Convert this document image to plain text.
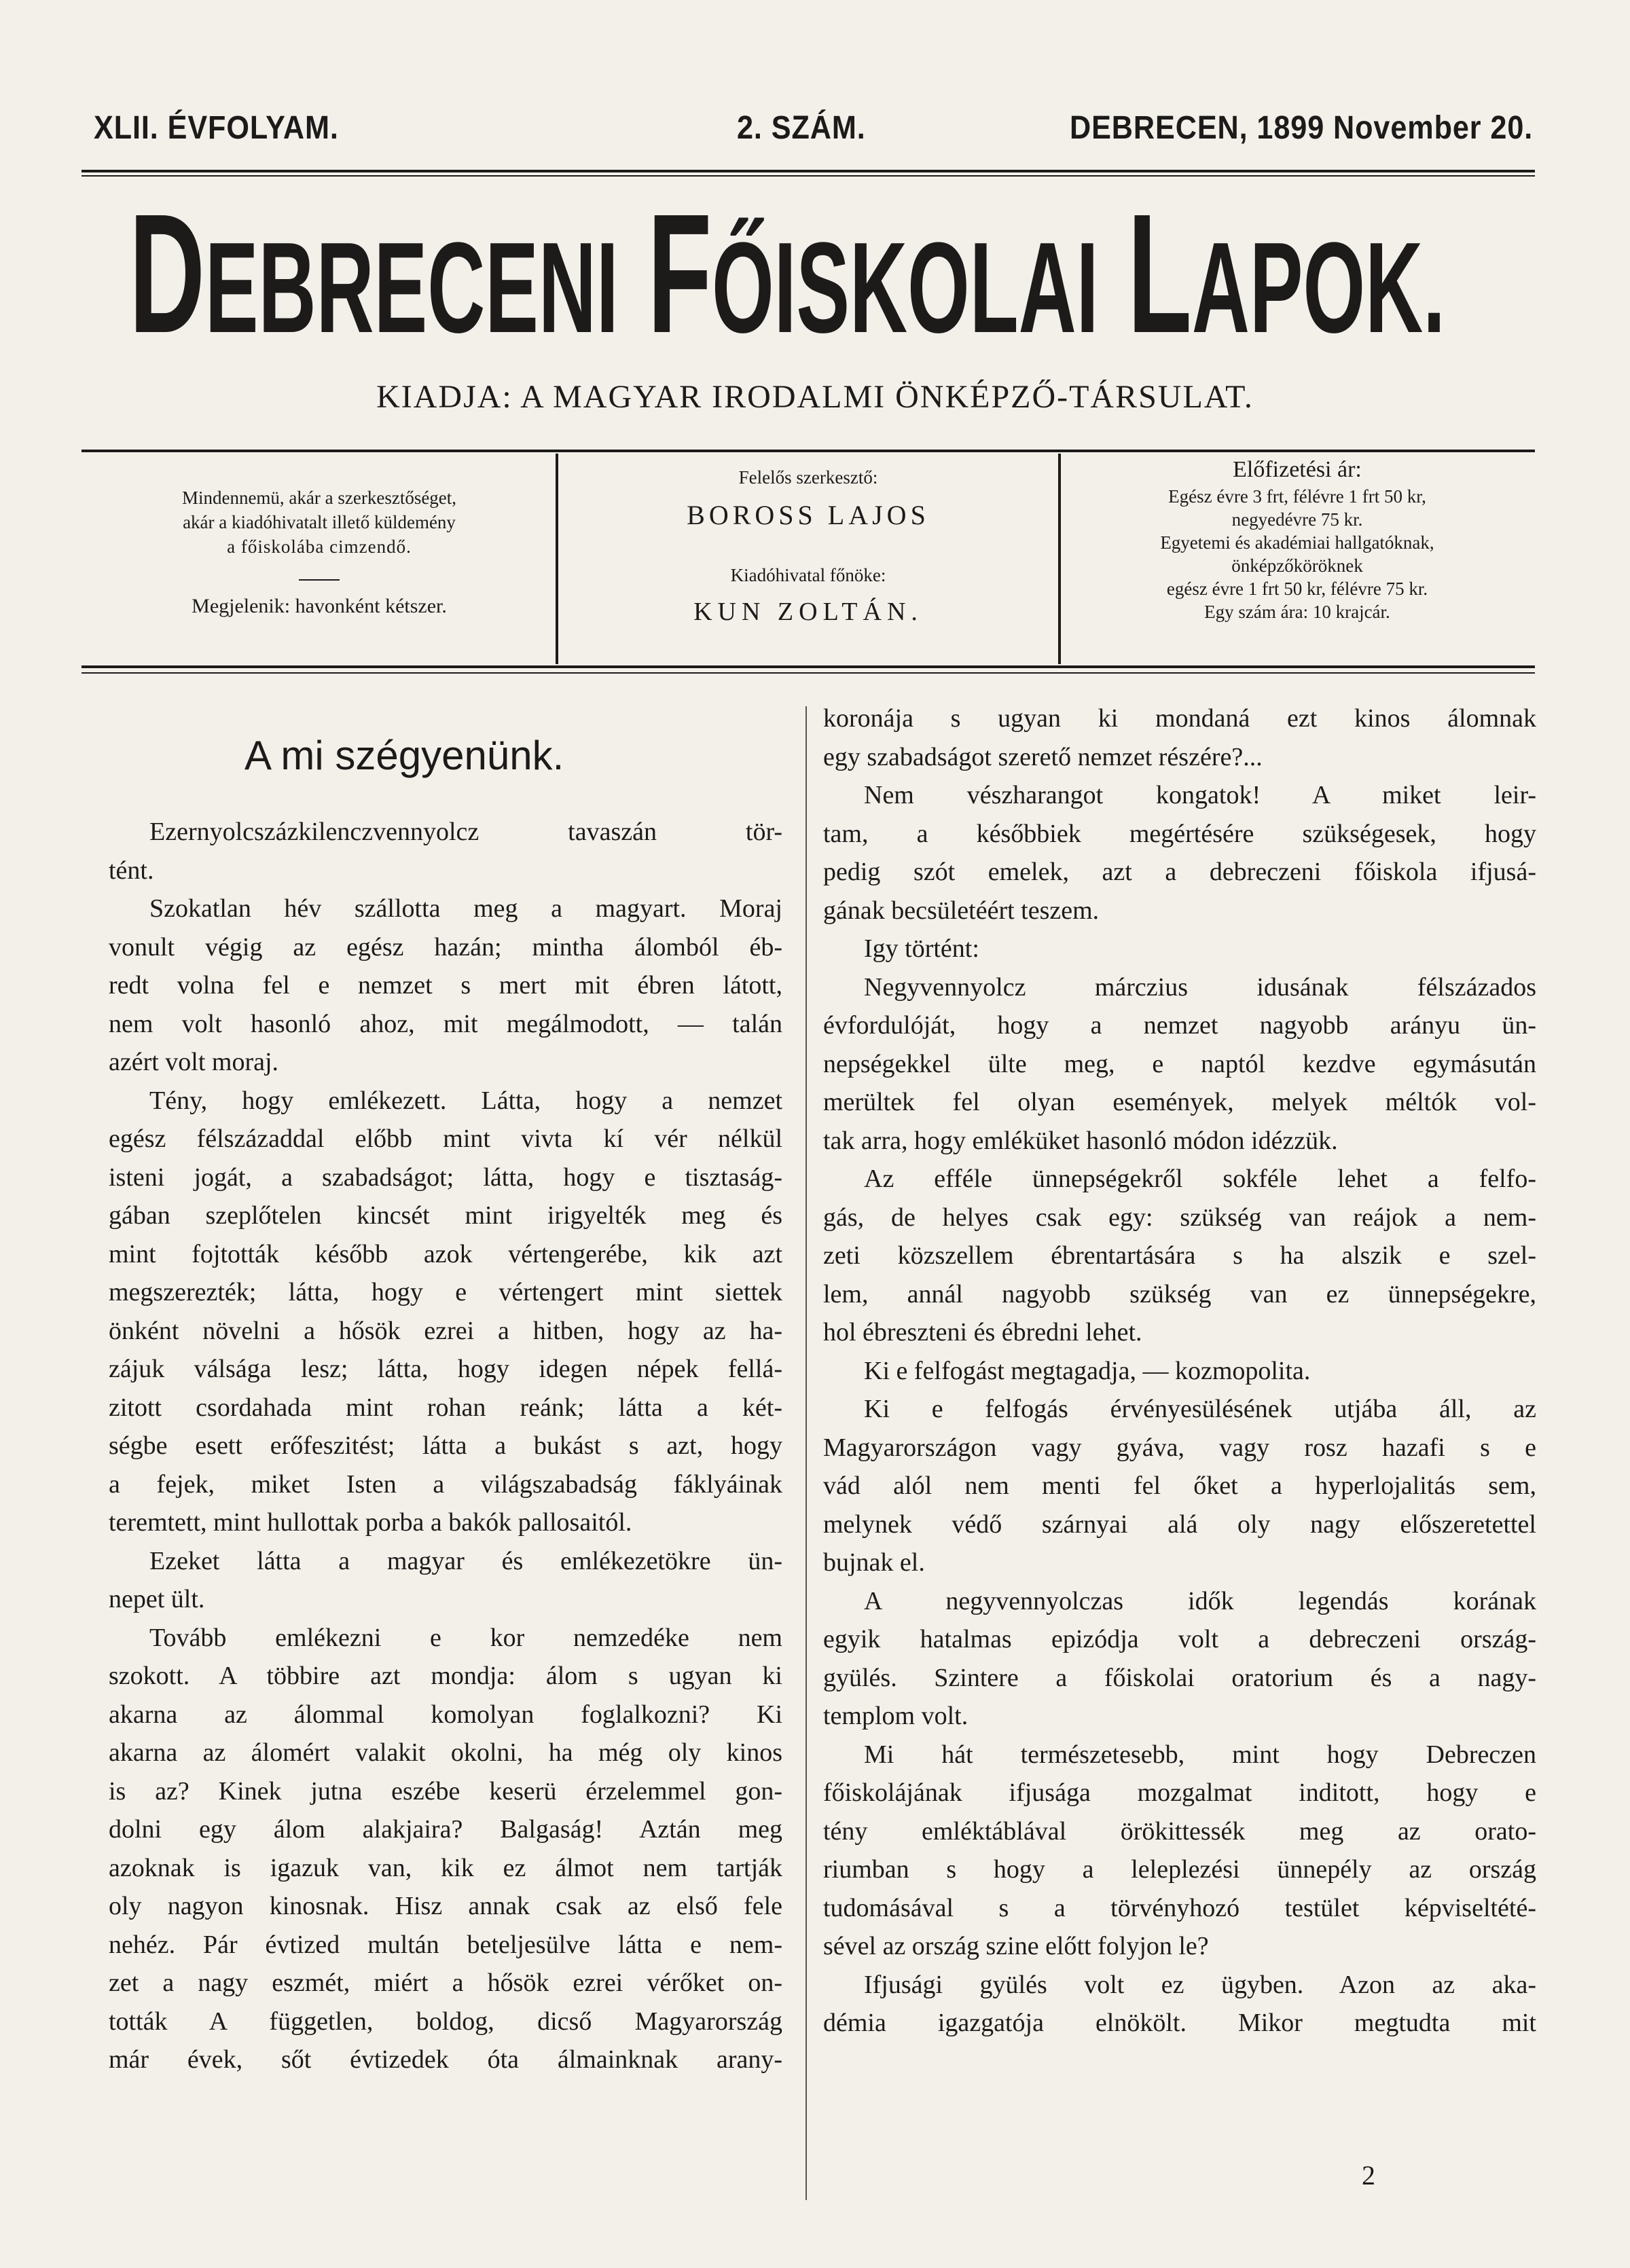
XLII. ÉVFOLYAM.	2. SZÁM.	DEBRECEN, 1899 November 20.
DEBRECENI FŐISKOLAI LAPOK.
KIADJA: A MAGYAR IRODALMI ÖNKÉPZŐ-TÁRSULAT.
Mindennemü, akár a szerkesztőséget,
akár a kiadóhivatalt illető küldemény
a főiskolába cimzendő.
Megjelenik: havonként kétszer.
Felelős szerkesztő:
BOROSS LAJOS
Kiadóhivatal főnöke:
KUN ZOLTÁN.
Előfizetési ár:
Egész évre 3 frt, félévre 1 frt 50 kr,
negyedévre 75 kr.
Egyetemi és akadémiai hallgatóknak,
önképzőköröknek
egész évre 1 frt 50 kr, félévre 75 kr.
Egy szám ára: 10 krajcár.
A mi szégyenünk.
Ezernyolcszázkilenczvennyolcz tavaszán tör-
tént.
Szokatlan hév szállotta meg a magyart. Moraj
vonult végig az egész hazán; mintha álomból éb-
redt volna fel e nemzet s mert mit ébren látott,
nem volt hasonló ahoz, mit megálmodott, — talán
azért volt moraj.
Tény, hogy emlékezett. Látta, hogy a nemzet
egész félszázaddal előbb mint vivta kí vér nélkül
isteni jogát, a szabadságot; látta, hogy e tisztaság-
gában szeplőtelen kincsét mint irigyelték meg és
mint fojtották később azok vértengerébe, kik azt
megszerezték; látta, hogy e vértengert mint siettek
önként növelni a hősök ezrei a hitben, hogy az ha-
zájuk válsága lesz; látta, hogy idegen népek fellá-
zitott csordahada mint rohan reánk; látta a két-
ségbe esett erőfeszitést; látta a bukást s azt, hogy
a fejek, miket Isten a világszabadság fáklyáinak
teremtett, mint hullottak porba a bakók pallosaitól.
Ezeket látta a magyar és emlékezetökre ün-
nepet ült.
Tovább emlékezni e kor nemzedéke nem
szokott. A többire azt mondja: álom s ugyan ki
akarna az álommal komolyan foglalkozni? Ki
akarna az álomért valakit okolni, ha még oly kinos
is az? Kinek jutna eszébe keserü érzelemmel gon-
dolni egy álom alakjaira? Balgaság! Aztán meg
azoknak is igazuk van, kik ez álmot nem tartják
oly nagyon kinosnak. Hisz annak csak az első fele
nehéz. Pár évtized multán beteljesülve látta e nem-
zet a nagy eszmét, miért a hősök ezrei vérőket on-
tották A független, boldog, dicső Magyarország
már évek, sőt évtizedek óta álmainknak arany-
koronája s ugyan ki mondaná ezt kinos álomnak
egy szabadságot szerető nemzet részére?...
Nem vészharangot kongatok! A miket leir-
tam, a későbbiek megértésére szükségesek, hogy
pedig szót emelek, azt a debreczeni főiskola ifjusá-
gának becsületéért teszem.
Igy történt:
Negyvennyolcz márczius idusának félszázados
évfordulóját, hogy a nemzet nagyobb arányu ün-
nepségekkel ülte meg, e naptól kezdve egymásután
merültek fel olyan események, melyek méltók vol-
tak arra, hogy emléküket hasonló módon idézzük.
Az efféle ünnepségekről sokféle lehet a felfo-
gás, de helyes csak egy: szükség van reájok a nem-
zeti közszellem ébrentartására s ha alszik e szel-
lem, annál nagyobb szükség van ez ünnepségekre,
hol ébreszteni és ébredni lehet.
Ki e felfogást megtagadja, — kozmopolita.
Ki e felfogás érvényesülésének utjába áll, az
Magyarországon vagy gyáva, vagy rosz hazafi s e
vád alól nem menti fel őket a hyperlojalitás sem,
melynek védő szárnyai alá oly nagy előszeretettel
bujnak el.
A negyvennyolczas idők legendás korának
egyik hatalmas epizódja volt a debreczeni ország-
gyülés. Szintere a főiskolai oratorium és a nagy-
templom volt.
Mi hát természetesebb, mint hogy Debreczen
főiskolájának ifjusága mozgalmat inditott, hogy e
tény emléktáblával örökittessék meg az orato-
riumban s hogy a leleplezési ünnepély az ország
tudomásával s a törvényhozó testület képviseltété-
sével az ország szine előtt folyjon le?
Ifjusági gyülés volt ez ügyben. Azon az aka-
démia igazgatója elnökölt. Mikor megtudta mit
2
